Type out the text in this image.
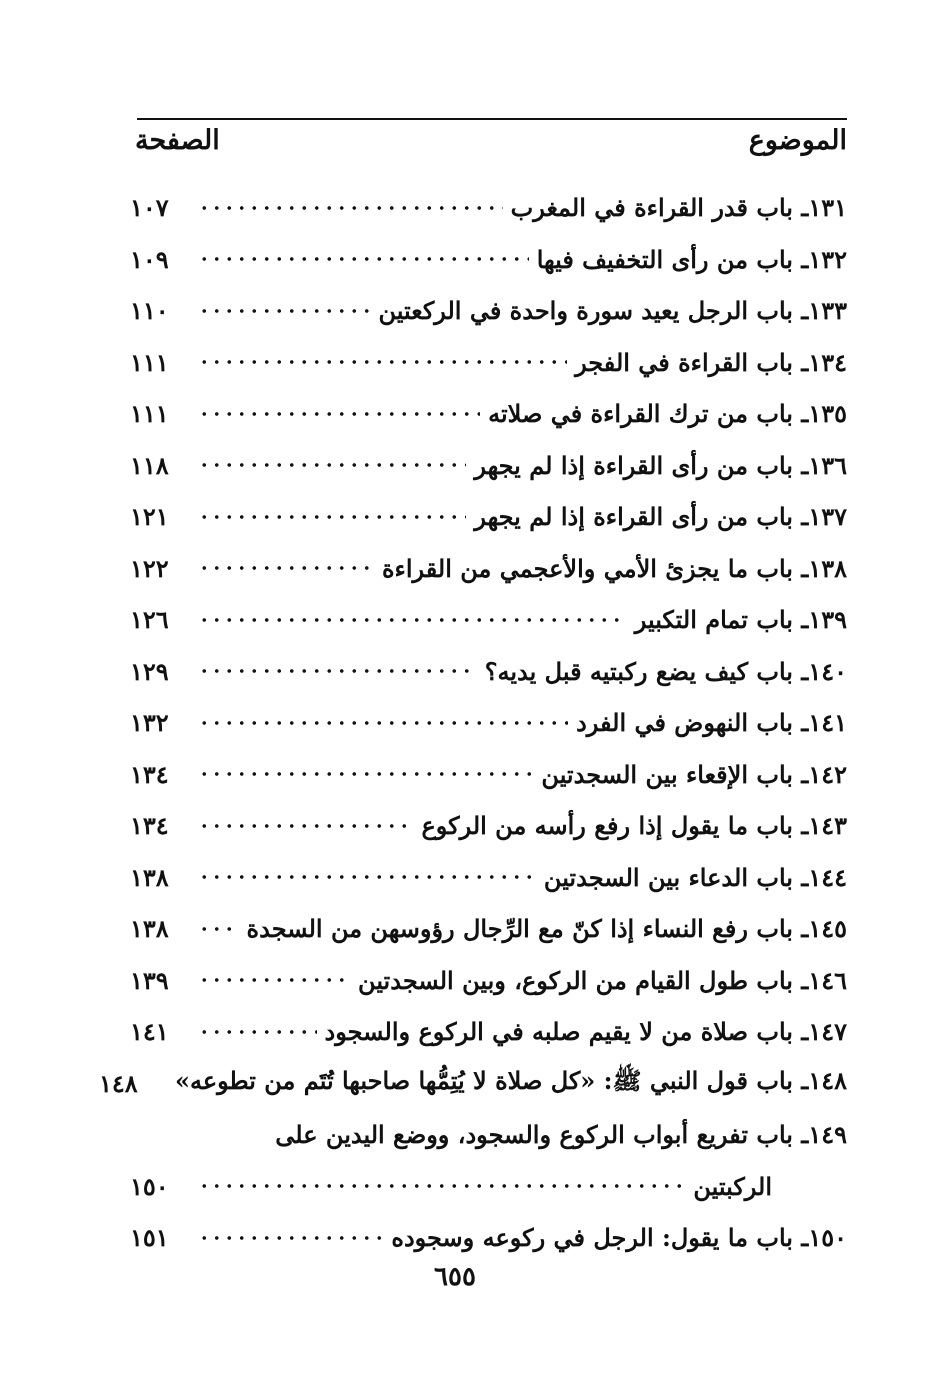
الموضوع
الصفحة
١٣١ـ باب قدر القراءة في المغرب
١٠٧
١٣٢ـ باب من رأى التخفيف فيها
١٠٩
١٣٣ـ باب الرجل يعيد سورة واحدة في الركعتين
١١٠
١٣٤ـ باب القراءة في الفجر
١١١
١٣٥ـ باب من ترك القراءة في صلاته
١١١
١٣٦ـ باب من رأى القراءة إذا لم يجهر
١١٨
١٣٧ـ باب من رأى القراءة إذا لم يجهر
١٢١
١٣٨ـ باب ما يجزئ الأمي والأعجمي من القراءة
١٢٢
١٣٩ـ باب تمام التكبير
١٢٦
١٤٠ـ باب كيف يضع ركبتيه قبل يديه؟
١٢٩
١٤١ـ باب النهوض في الفرد
١٣٢
١٤٢ـ باب الإقعاء بين السجدتين
١٣٤
١٤٣ـ باب ما يقول إذا رفع رأسه من الركوع
١٣٤
١٤٤ـ باب الدعاء بين السجدتين
١٣٨
١٤٥ـ باب رفع النساء إذا كنّ مع الرِّجال رؤوسهن من السجدة
١٣٨
١٤٦ـ باب طول القيام من الركوع، وبين السجدتين
١٣٩
١٤٧ـ باب صلاة من لا يقيم صلبه في الركوع والسجود
١٤١
١٤٨ـ باب قول النبي ﷺ: «كل صلاة لا يُتِمُّها صاحبها تُتَم من تطوعه»
١٤٨
١٤٩ـ باب تفريع أبواب الركوع والسجود، ووضع اليدين على
الركبتين
١٥٠
١٥٠ـ باب ما يقول: الرجل في ركوعه وسجوده
١٥١
٦٥٥
